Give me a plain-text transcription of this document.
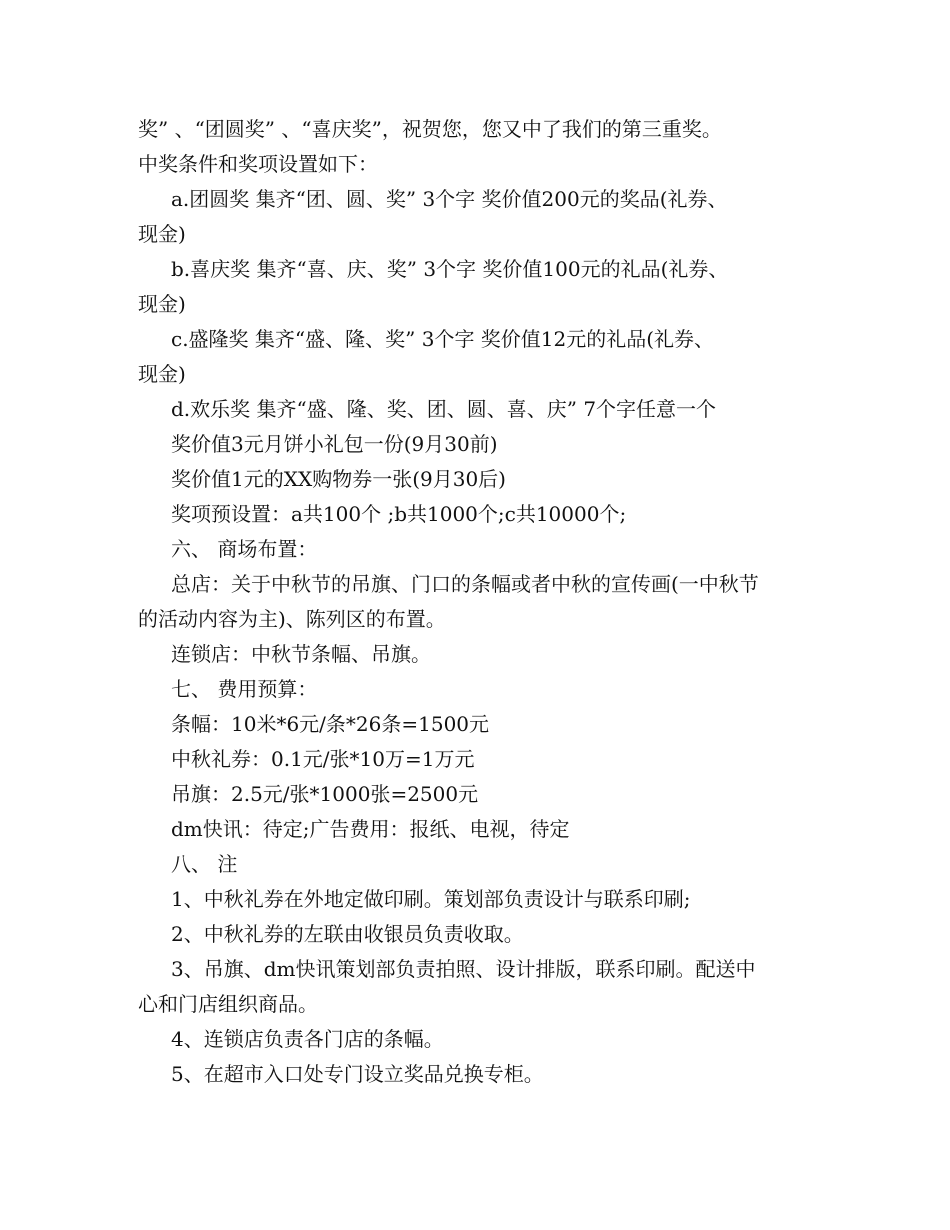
奖” 、“团圆奖” 、“喜庆奖”，祝贺您，您又中了我们的第三重奖。
中奖条件和奖项设置如下：
a.团圆奖 集齐“团、圆、奖” 3个字 奖价值200元的奖品(礼券、
现金)
b.喜庆奖 集齐“喜、庆、奖” 3个字 奖价值100元的礼品(礼券、
现金)
c.盛隆奖 集齐“盛、隆、奖” 3个字 奖价值12元的礼品(礼券、
现金)
d.欢乐奖 集齐“盛、隆、奖、团、圆、喜、庆” 7个字任意一个
奖价值3元月饼小礼包一份(9月30前)
奖价值1元的XX购物券一张(9月30后)
奖项预设置：a共100个 ;b共1000个;c共10000个;
六、 商场布置：
总店：关于中秋节的吊旗、门口的条幅或者中秋的宣传画(一中秋节
的活动内容为主)、陈列区的布置。
连锁店：中秋节条幅、吊旗。
七、 费用预算：
条幅：10米*6元/条*26条=1500元
中秋礼券：0.1元/张*10万=1万元
吊旗：2.5元/张*1000张=2500元
dm快讯：待定;广告费用：报纸、电视，待定
八、 注
1、中秋礼券在外地定做印刷。策划部负责设计与联系印刷;
2、中秋礼券的左联由收银员负责收取。
3、吊旗、dm快讯策划部负责拍照、设计排版，联系印刷。配送中
心和门店组织商品。
4、连锁店负责各门店的条幅。
5、在超市入口处专门设立奖品兑换专柜。
